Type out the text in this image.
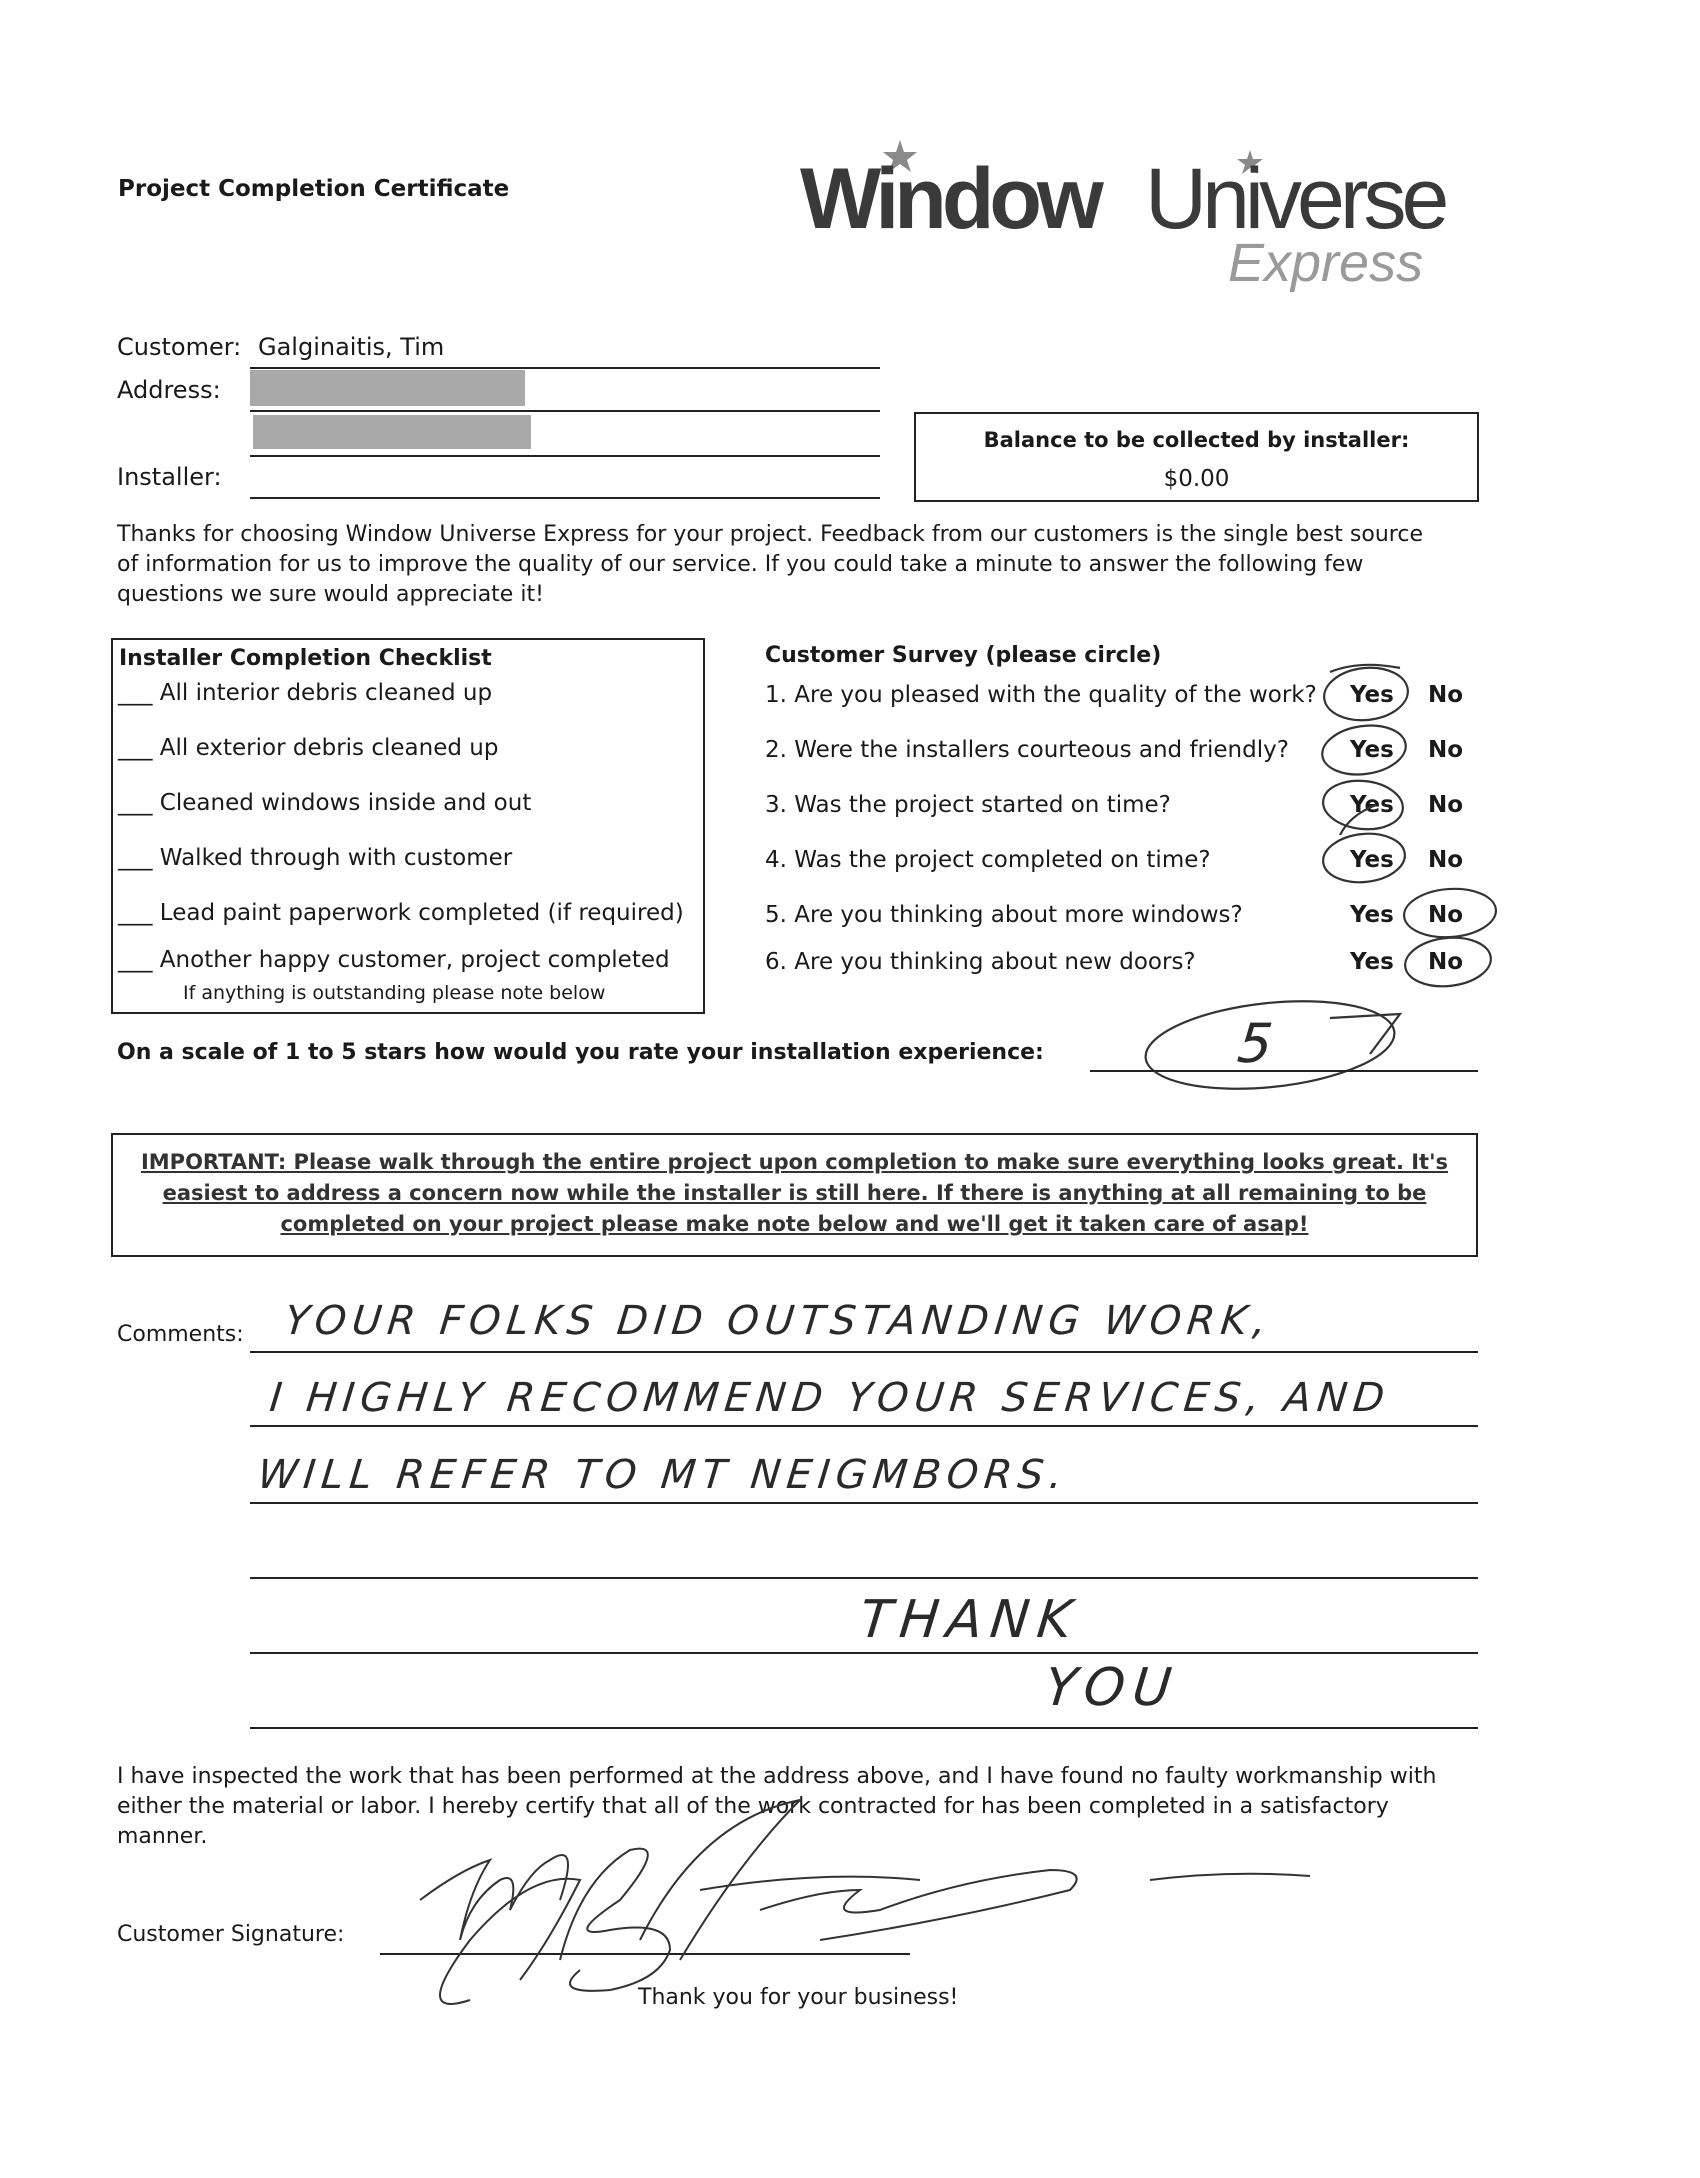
Project Completion Certificate	Window Universe
Express
Customer: Galginaitis, Tim
Address:
Installer:
Balance to be collected by installer:
$0.00
Thanks for choosing Window Universe Express for your project. Feedback from our customers is the single best source of information for us to improve the quality of our service. If you could take a minute to answer the following few questions we sure would appreciate it!
Installer Completion Checklist
___ All interior debris cleaned up
___ All exterior debris cleaned up
___ Cleaned windows inside and out
___ Walked through with customer
___ Lead paint paperwork completed (if required)
___ Another happy customer, project completed
If anything is outstanding please note below
Customer Survey (please circle)
1. Are you pleased with the quality of the work?
2. Were the installers courteous and friendly?
3. Was the project started on time?
4. Was the project completed on time?
5. Are you thinking about more windows?
6. Are you thinking about new doors?
Yes No
Yes No
Yes No
Yes No
Yes No
Yes No
On a scale of 1 to 5 stars how would you rate your installation experience:	5
IMPORTANT: Please walk through the entire project upon completion to make sure everything looks great. It's easiest to address a concern now while the installer is still here. If there is anything at all remaining to be completed on your project please make note below and we'll get it taken care of asap!
Comments: YOUR FOLKS DID OUTSTANDING WORK,
I HIGHLY RECOMMEND YOUR SERVICES, AND
WILL REFER TO MT NEIGMBORS.
THANK
YOU
I have inspected the work that has been performed at the address above, and I have found no faulty workmanship with either the material or labor. I hereby certify that all of the work contracted for has been completed in a satisfactory manner.
Customer Signature:
Thank you for your business!
